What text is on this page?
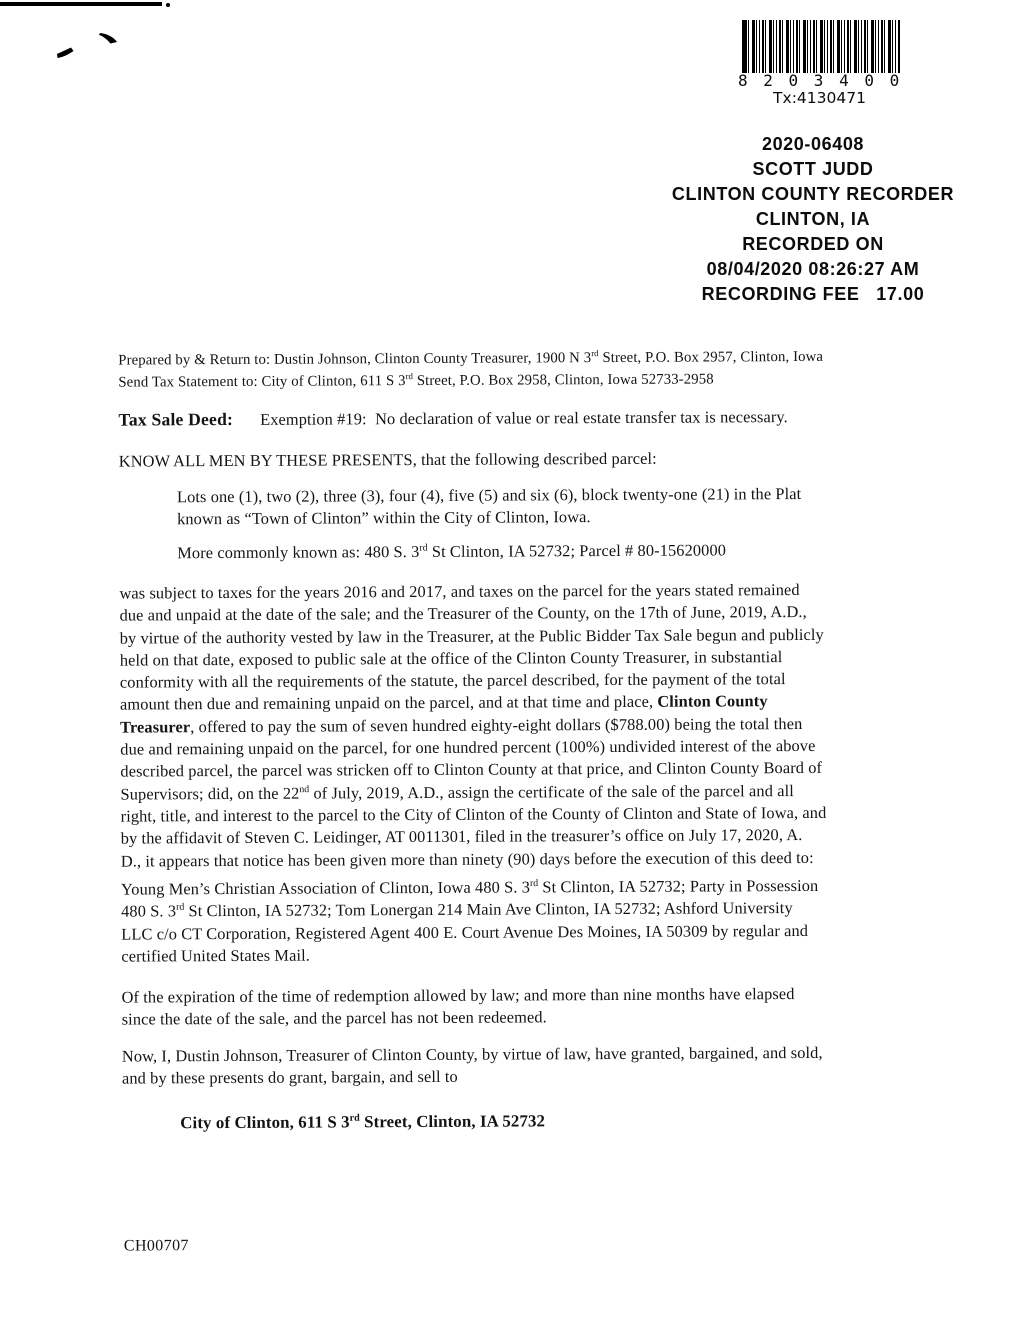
8 2 0 3 4 0 0
Tx:4130471
2020-06408
SCOTT JUDD
CLINTON COUNTY RECORDER
CLINTON, IA
RECORDED ON
08/04/2020 08:26:27 AM
RECORDING FEE   17.00
Prepared by & Return to: Dustin Johnson, Clinton County Treasurer, 1900 N 3rd Street, P.O. Box 2957, Clinton, Iowa
Send Tax Statement to: City of Clinton, 611 S 3rd Street, P.O. Box 2958, Clinton, Iowa 52733-2958
Tax Sale Deed: Exemption #19:  No declaration of value or real estate transfer tax is necessary.
KNOW ALL MEN BY THESE PRESENTS, that the following described parcel:
Lots one (1), two (2), three (3), four (4), five (5) and six (6), block twenty-one (21) in the Plat
known as “Town of Clinton” within the City of Clinton, Iowa.
More commonly known as: 480 S. 3rd St Clinton, IA 52732; Parcel # 80-15620000
was subject to taxes for the years 2016 and 2017, and taxes on the parcel for the years stated remained
due and unpaid at the date of the sale; and the Treasurer of the County, on the 17th of June, 2019, A.D.,
by virtue of the authority vested by law in the Treasurer, at the Public Bidder Tax Sale begun and publicly
held on that date, exposed to public sale at the office of the Clinton County Treasurer, in substantial
conformity with all the requirements of the statute, the parcel described, for the payment of the total
amount then due and remaining unpaid on the parcel, and at that time and place, Clinton County
Treasurer, offered to pay the sum of seven hundred eighty-eight dollars ($788.00) being the total then
due and remaining unpaid on the parcel, for one hundred percent (100%) undivided interest of the above
described parcel, the parcel was stricken off to Clinton County at that price, and Clinton County Board of
Supervisors; did, on the 22nd of July, 2019, A.D., assign the certificate of the sale of the parcel and all
right, title, and interest to the parcel to the City of Clinton of the County of Clinton and State of Iowa, and
by the affidavit of Steven C. Leidinger, AT 0011301, filed in the treasurer’s office on July 17, 2020, A.
D., it appears that notice has been given more than ninety (90) days before the execution of this deed to:
Young Men’s Christian Association of Clinton, Iowa 480 S. 3rd St Clinton, IA 52732; Party in Possession
480 S. 3rd St Clinton, IA 52732; Tom Lonergan 214 Main Ave Clinton, IA 52732; Ashford University
LLC c/o CT Corporation, Registered Agent 400 E. Court Avenue Des Moines, IA 50309 by regular and
certified United States Mail.
Of the expiration of the time of redemption allowed by law; and more than nine months have elapsed
since the date of the sale, and the parcel has not been redeemed.
Now, I, Dustin Johnson, Treasurer of Clinton County, by virtue of law, have granted, bargained, and sold,
and by these presents do grant, bargain, and sell to
City of Clinton, 611 S 3rd Street, Clinton, IA 52732
CH00707
